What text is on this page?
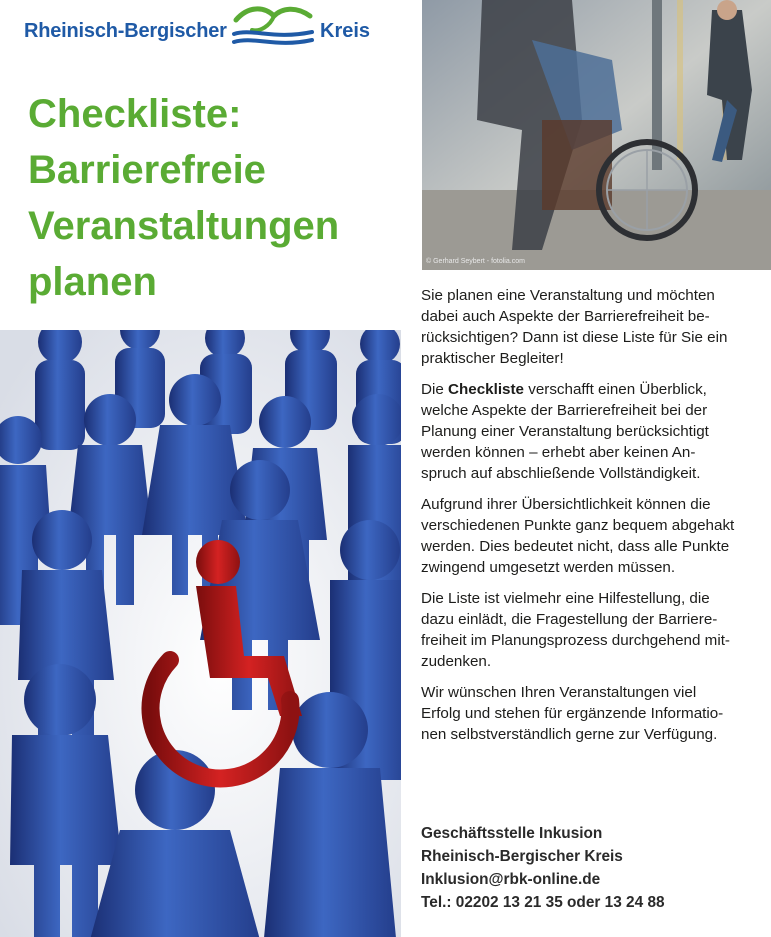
Rheinisch-Bergischer	Kreis
Checkliste:
Barrierefreie
Veranstaltungen
planen	© Gerhard Seybert - fotolia.com

Sie planen eine Veranstaltung und möchten
dabei auch Aspekte der Barrierefreiheit be-
rücksichtigen? Dann ist diese Liste für Sie ein
praktischer Begleiter!

Die Checkliste verschafft einen Überblick,
welche Aspekte der Barrierefreiheit bei der
Planung einer Veranstaltung berücksichtigt
werden können – erhebt aber keinen An-
spruch auf abschließende Vollständigkeit.

Aufgrund ihrer Übersichtlichkeit können die
verschiedenen Punkte ganz bequem abgehakt
werden. Dies bedeutet nicht, dass alle Punkte
zwingend umgesetzt werden müssen.

Die Liste ist vielmehr eine Hilfestellung, die
dazu einlädt, die Fragestellung der Barriere-
freiheit im Planungsprozess durchgehend mit-
zudenken.

Wir wünschen Ihren Veranstaltungen viel
Erfolg und stehen für ergänzende Informatio-
nen selbstverständlich gerne zur Verfügung.

Geschäftsstelle Inkusion
Rheinisch-Bergischer Kreis
Inklusion@rbk-online.de
Tel.: 02202 13 21 35 oder 13 24 88
